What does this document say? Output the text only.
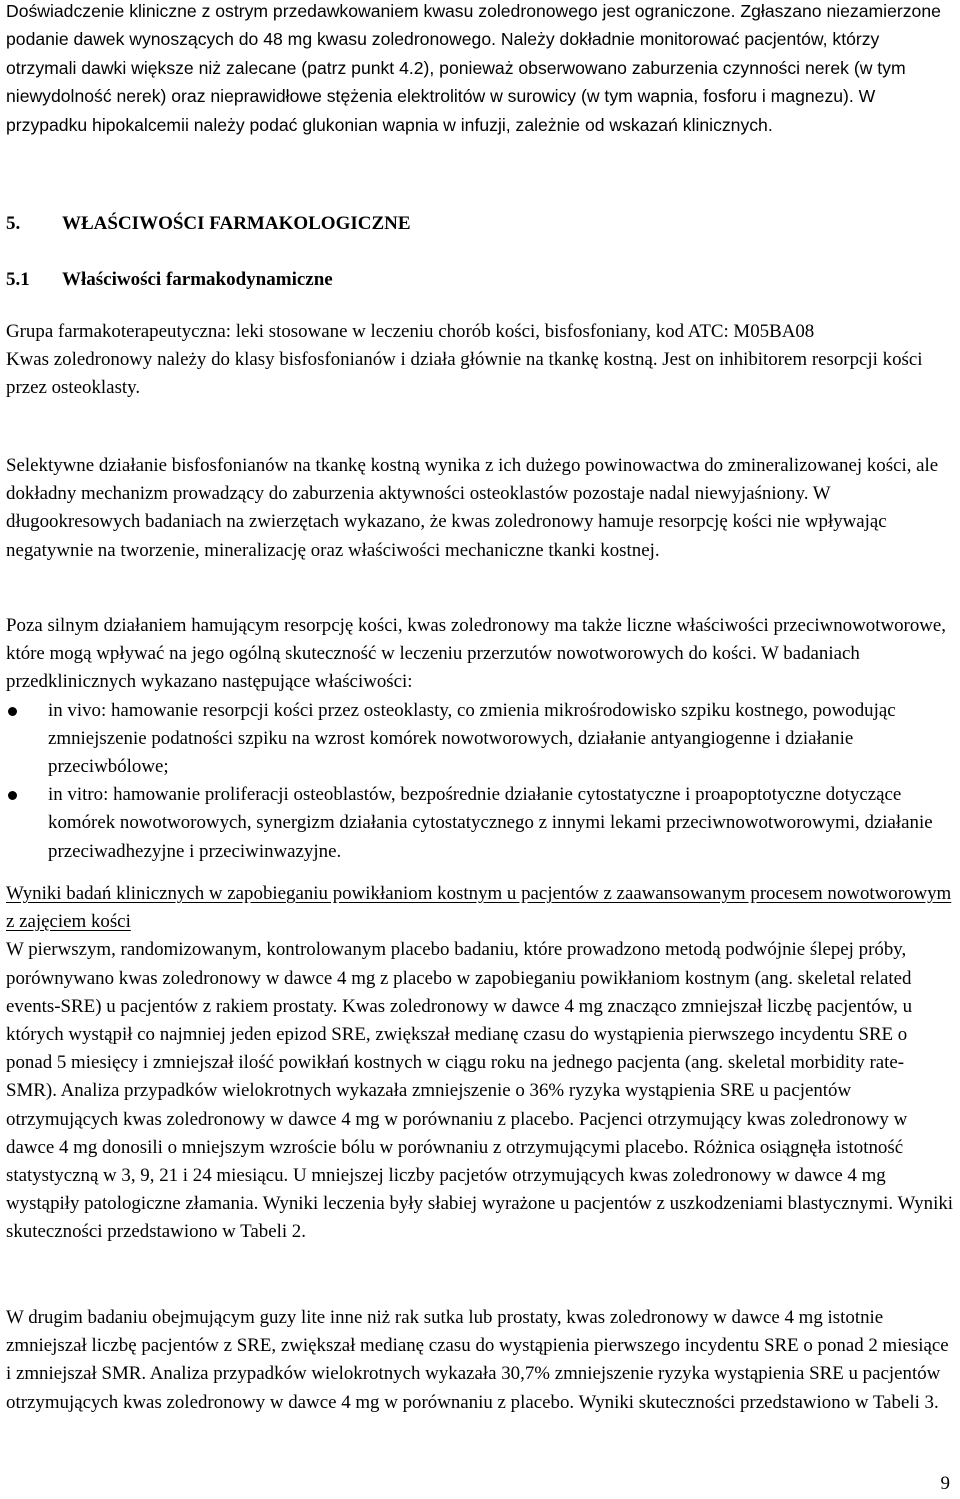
Doświadczenie kliniczne z ostrym przedawkowaniem kwasu zoledronowego jest ograniczone. Zgłaszano niezamierzone podanie dawek wynoszących do 48 mg kwasu zoledronowego. Należy dokładnie monitorować pacjentów, którzy otrzymali dawki większe niż zalecane (patrz punkt 4.2), ponieważ obserwowano zaburzenia czynności nerek (w tym niewydolność nerek) oraz nieprawidłowe stężenia elektrolitów w surowicy (w tym wapnia, fosforu i magnezu). W przypadku hipokalcemii należy podać glukonian wapnia w infuzji, zależnie od wskazań klinicznych.

5. WŁAŚCIWOŚCI FARMAKOLOGICZNE
5.1 Właściwości farmakodynamiczne

Grupa farmakoterapeutyczna: leki stosowane w leczeniu chorób kości, bisfosfoniany, kod ATC: M05BA08

Kwas zoledronowy należy do klasy bisfosfonianów i działa głównie na tkankę kostną. Jest on inhibitorem resorpcji kości przez osteoklasty.

Selektywne działanie bisfosfonianów na tkankę kostną wynika z ich dużego powinowactwa do zmineralizowanej kości, ale dokładny mechanizm prowadzący do zaburzenia aktywności osteoklastów pozostaje nadal niewyjaśniony. W długookresowych badaniach na zwierzętach wykazano, że kwas zoledronowy hamuje resorpcję kości nie wpływając negatywnie na tworzenie, mineralizację oraz właściwości mechaniczne tkanki kostnej.

Poza silnym działaniem hamującym resorpcję kości, kwas zoledronowy ma także liczne właściwości przeciwnowotworowe, które mogą wpływać na jego ogólną skuteczność w leczeniu przerzutów nowotworowych do kości. W badaniach przedklinicznych wykazano następujące właściwości:

in vivo: hamowanie resorpcji kości przez osteoklasty, co zmienia mikrośrodowisko szpiku kostnego, powodując zmniejszenie podatności szpiku na wzrost komórek nowotworowych, działanie antyangiogenne i działanie przeciwbólowe;
in vitro: hamowanie proliferacji osteoblastów, bezpośrednie działanie cytostatyczne i proapoptotyczne dotyczące komórek nowotworowych, synergizm działania cytostatycznego z innymi lekami przeciwnowotworowymi, działanie przeciwadhezyjne i przeciwinwazyjne.

Wyniki badań klinicznych w zapobieganiu powikłaniom kostnym u pacjentów z zaawansowanym procesem nowotworowym z zajęciem kości

W pierwszym, randomizowanym, kontrolowanym placebo badaniu, które prowadzono metodą podwójnie ślepej próby, porównywano kwas zoledronowy w dawce 4 mg z placebo w zapobieganiu powikłaniom kostnym (ang. skeletal related events-SRE) u pacjentów z rakiem prostaty. Kwas zoledronowy w dawce 4 mg znacząco zmniejszał liczbę pacjentów, u których wystąpił co najmniej jeden epizod SRE, zwiększał medianę czasu do wystąpienia pierwszego incydentu SRE o ponad 5 miesięcy i zmniejszał ilość powikłań kostnych w ciągu roku na jednego pacjenta (ang. skeletal morbidity rate-SMR). Analiza przypadków wielokrotnych wykazała zmniejszenie o 36% ryzyka wystąpienia SRE u pacjentów otrzymujących kwas zoledronowy w dawce 4 mg w porównaniu z placebo. Pacjenci otrzymujący kwas zoledronowy w dawce 4 mg donosili o mniejszym wzroście bólu w porównaniu z otrzymującymi placebo. Różnica osiągnęła istotność statystyczną w 3, 9, 21 i 24 miesiącu. U mniejszej liczby pacjetów otrzymujących kwas zoledronowy w dawce 4 mg wystąpiły patologiczne złamania. Wyniki leczenia były słabiej wyrażone u pacjentów z uszkodzeniami blastycznymi. Wyniki skuteczności przedstawiono w Tabeli 2.

W drugim badaniu obejmującym guzy lite inne niż rak sutka lub prostaty, kwas zoledronowy w dawce 4 mg istotnie zmniejszał liczbę pacjentów z SRE, zwiększał medianę czasu do wystąpienia pierwszego incydentu SRE o ponad 2 miesiące i zmniejszał SMR. Analiza przypadków wielokrotnych wykazała 30,7% zmniejszenie ryzyka wystąpienia SRE u pacjentów otrzymujących kwas zoledronowy w dawce 4 mg w porównaniu z placebo. Wyniki skuteczności przedstawiono w Tabeli 3.

9
